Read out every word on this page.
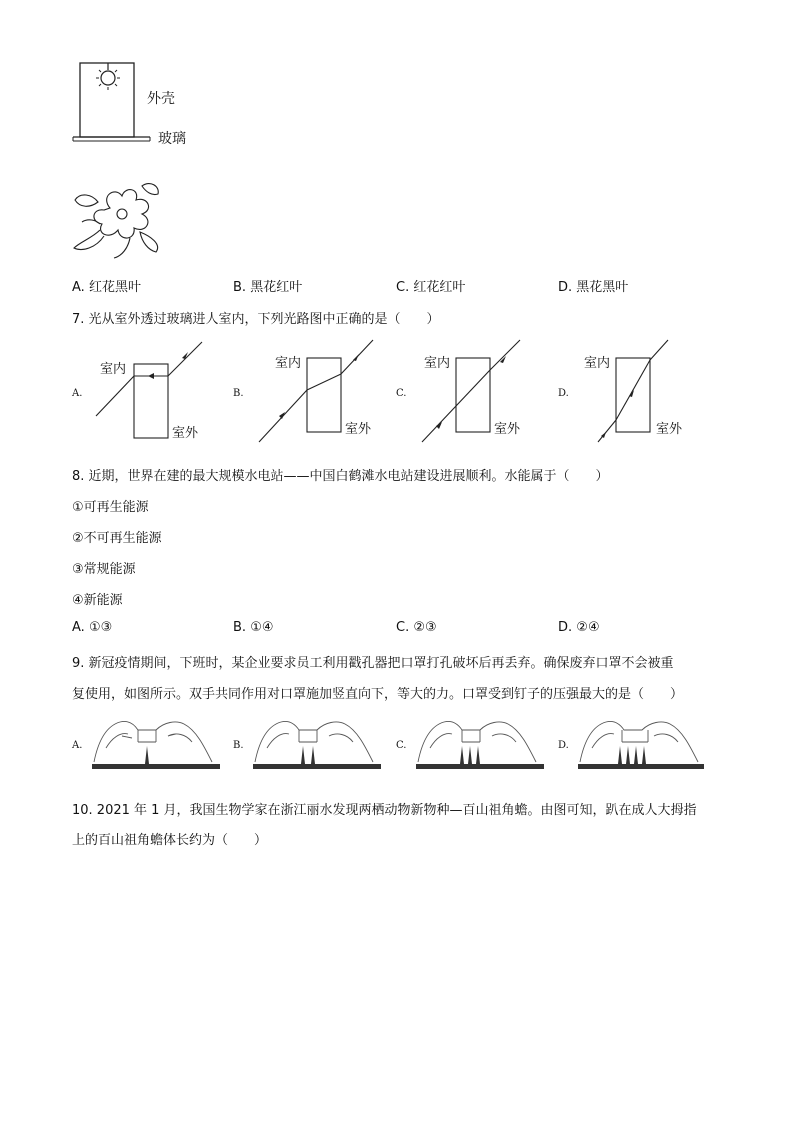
外壳
玻璃
A. 红花黑叶	B. 黑花红叶	C. 红花红叶	D. 黑花黑叶
7. 光从室外透过玻璃进人室内，下列光路图中正确的是（　　）
A.
室内
室外
B.
室内
室外
C.
室内
室外
D.
室内
室外
8. 近期，世界在建的最大规模水电站——中国白鹤滩水电站建设进展顺利。水能属于（　　）
①可再生能源
②不可再生能源
③常规能源
④新能源
A. ①③	B. ①④	C. ②③	D. ②④
9. 新冠疫情期间，下班时，某企业要求员工利用戳孔器把口罩打孔破坏后再丢弃。确保废弃口罩不会被重
复使用，如图所示。双手共同作用对口罩施加竖直向下，等大的力。口罩受到钉子的压强最大的是（　　）
A.	B.	C.	D.
10. 2021 年 1 月，我国生物学家在浙江丽水发现两栖动物新物种—百山祖角蟾。由图可知，趴在成人大拇指
上的百山祖角蟾体长约为（　　）
